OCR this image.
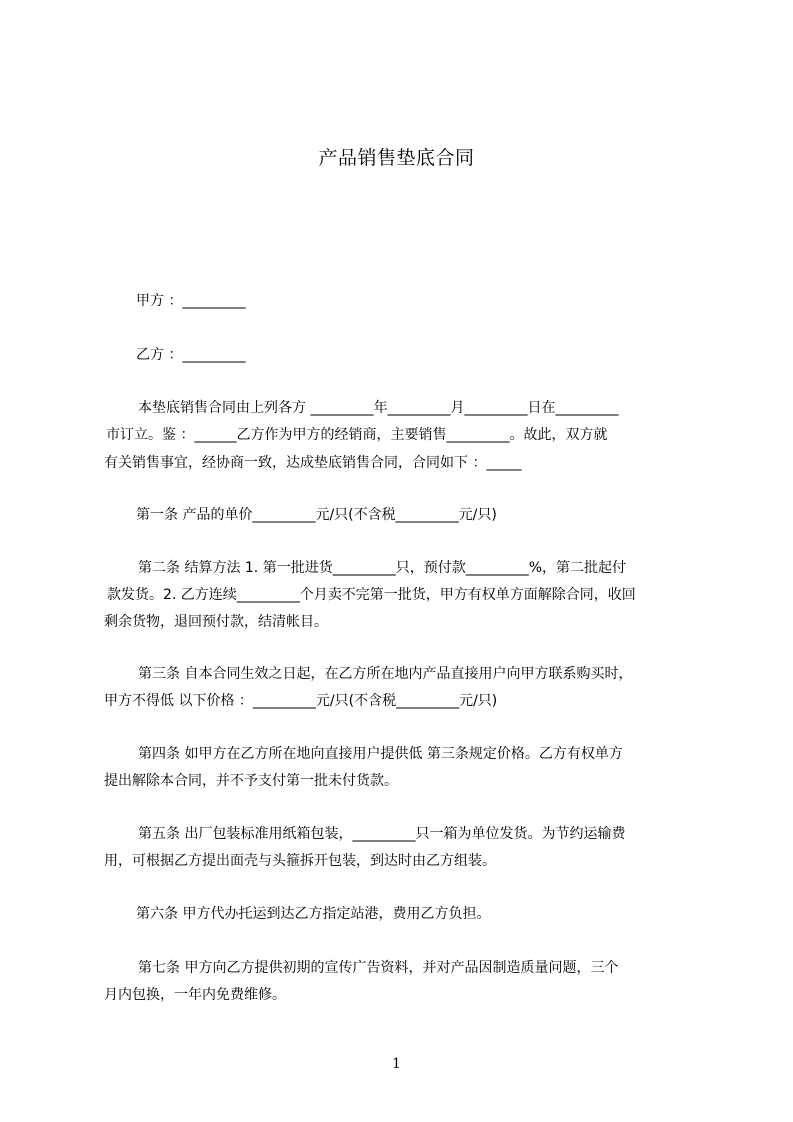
产品销售垫底合同
甲方 ：_________
乙方 ：_________
本垫底销售合同由上列各方 _________年_________月_________日在_________
市订立。鉴 ：______乙方作为甲方的经销商，主要销售_________。故此，双方就
有关销售事宜，经协商一致，达成垫底销售合同，合同如下 ：_____
第一条 产品的单价_________元/只(不含税_________元/只)
第二条 结算方法 1. 第一批进货_________只，预付款_________%，第二批起付
款发货。2. 乙方连续_________个月卖不完第一批货，甲方有权单方面解除合同，收回
剩余货物，退回预付款，结清帐目。
第三条 自本合同生效之日起，在乙方所在地内产品直接用户向甲方联系购买时，
甲方不得低 以下价格 ：_________元/只(不含税_________元/只)
第四条 如甲方在乙方所在地向直接用户提供低 第三条规定价格。乙方有权单方
提出解除本合同，并不予支付第一批未付货款。
第五条 出厂包装标准用纸箱包装，_________只一箱为单位发货。为节约运输费
用，可根据乙方提出面壳与头箍拆开包装，到达时由乙方组装。
第六条 甲方代办托运到达乙方指定站港，费用乙方负担。
第七条 甲方向乙方提供初期的宣传广告资料，并对产品因制造质量问题，三个
月内包换，一年内免费维修。
1
